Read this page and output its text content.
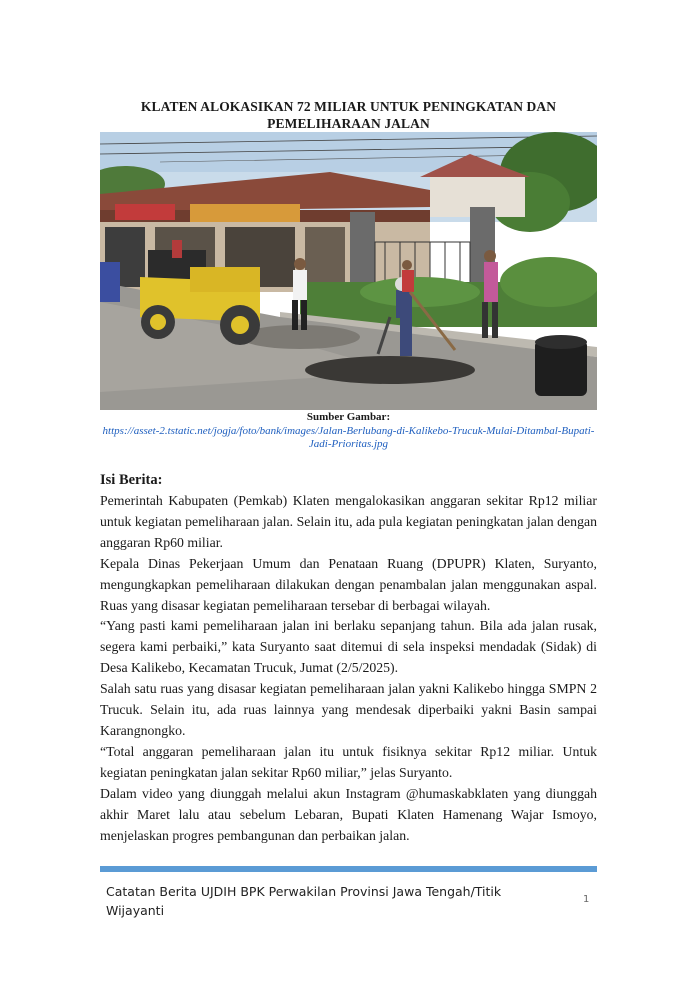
KLATEN ALOKASIKAN 72 MILIAR UNTUK PENINGKATAN DAN PEMELIHARAAN JALAN
Sumber Gambar:
https://asset-2.tstatic.net/jogja/foto/bank/images/Jalan-Berlubang-di-Kalikebo-Trucuk-Mulai-Ditambal-Bupati-Jadi-Prioritas.jpg
Isi Berita:

Pemerintah Kabupaten (Pemkab) Klaten mengalokasikan anggaran sekitar Rp12 miliar untuk kegiatan pemeliharaan jalan. Selain itu, ada pula kegiatan peningkatan jalan dengan anggaran Rp60 miliar.

Kepala Dinas Pekerjaan Umum dan Penataan Ruang (DPUPR) Klaten, Suryanto, mengungkapkan pemeliharaan dilakukan dengan penambalan jalan menggunakan aspal. Ruas yang disasar kegiatan pemeliharaan tersebar di berbagai wilayah.

“Yang pasti kami pemeliharaan jalan ini berlaku sepanjang tahun. Bila ada jalan rusak, segera kami perbaiki,” kata Suryanto saat ditemui di sela inspeksi mendadak (Sidak) di Desa Kalikebo, Kecamatan Trucuk, Jumat (2/5/2025).

Salah satu ruas yang disasar kegiatan pemeliharaan jalan yakni Kalikebo hingga SMPN 2 Trucuk. Selain itu, ada ruas lainnya yang mendesak diperbaiki yakni Basin sampai Karangnongko.

“Total anggaran pemeliharaan jalan itu untuk fisiknya sekitar Rp12 miliar. Untuk kegiatan peningkatan jalan sekitar Rp60 miliar,” jelas Suryanto.

Dalam video yang diunggah melalui akun Instagram @humaskabklaten yang diunggah akhir Maret lalu atau sebelum Lebaran, Bupati Klaten Hamenang Wajar Ismoyo, menjelaskan progres pembangunan dan perbaikan jalan.

Catatan Berita UJDIH BPK Perwakilan Provinsi Jawa Tengah/Titik Wijayanti
1
